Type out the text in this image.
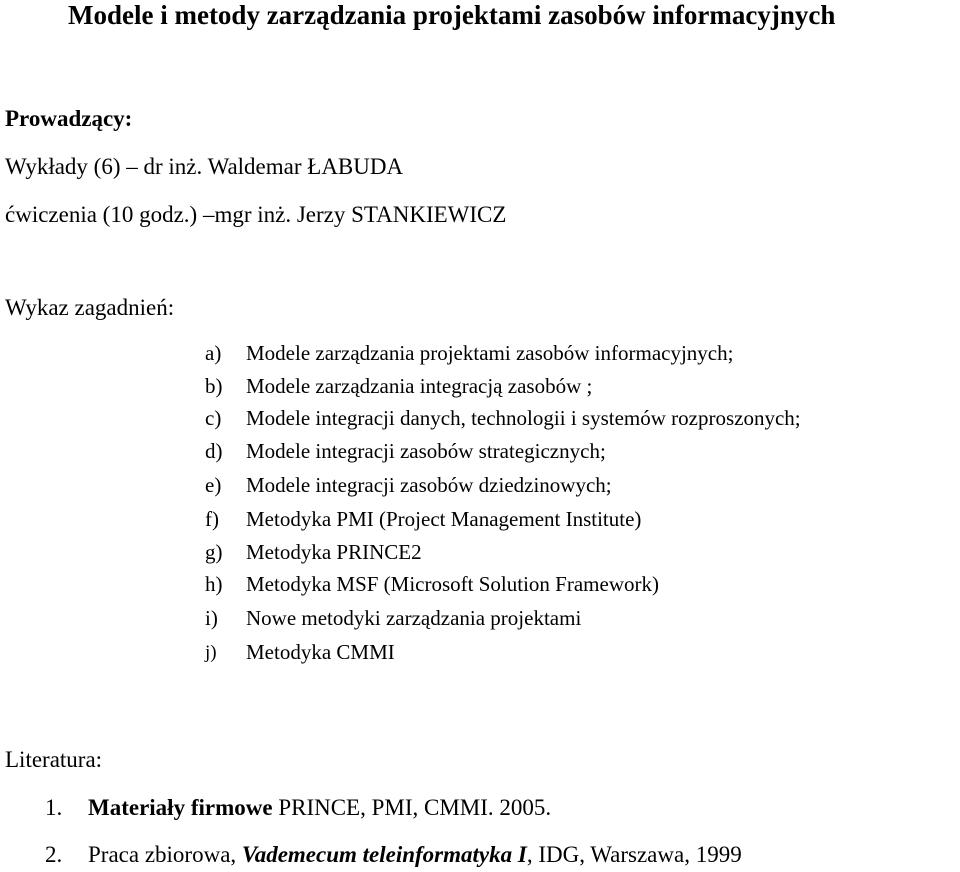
Modele i metody zarządzania projektami zasobów informacyjnych
Prowadzący:
Wykłady (6) – dr inż. Waldemar ŁABUDA
ćwiczenia (10 godz.) –mgr inż. Jerzy STANKIEWICZ
Wykaz zagadnień:
a) Modele zarządzania projektami zasobów informacyjnych;
b) Modele zarządzania integracją zasobów ;
c) Modele integracji danych, technologii i systemów rozproszonych;
d) Modele integracji zasobów strategicznych;
e) Modele integracji zasobów dziedzinowych;
f) Metodyka PMI (Project Management Institute)
g) Metodyka PRINCE2
h) Metodyka MSF (Microsoft Solution Framework)
i) Nowe metodyki zarządzania projektami
j) Metodyka CMMI
Literatura:
1. Materiały firmowe PRINCE, PMI, CMMI. 2005.
2. Praca zbiorowa, Vademecum teleinformatyka I, IDG, Warszawa, 1999
